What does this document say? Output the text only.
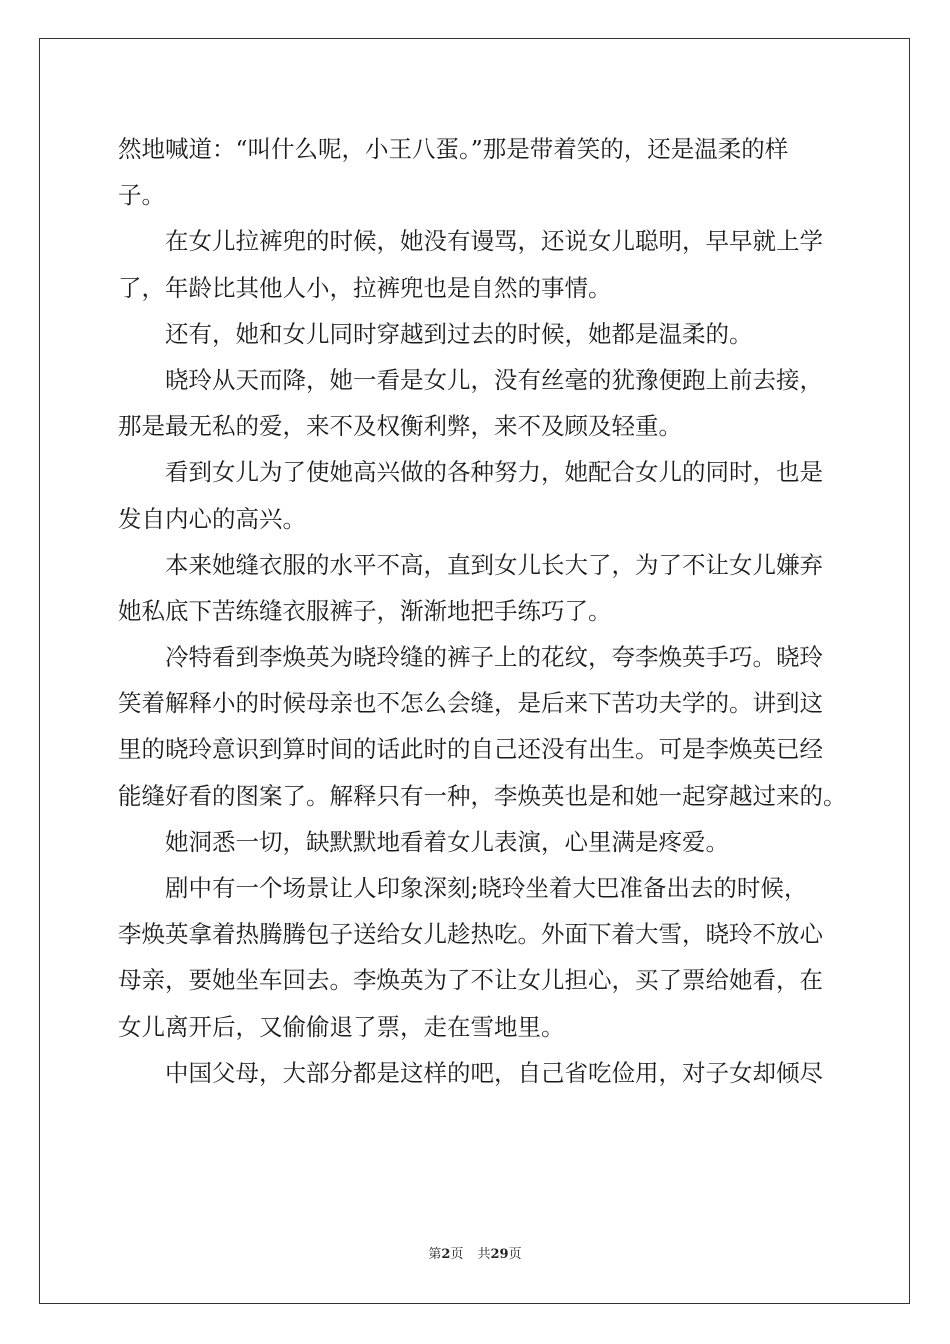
然地喊道：“叫什么呢，小王八蛋。”那是带着笑的，还是温柔的样
子。
在女儿拉裤兜的时候，她没有谩骂，还说女儿聪明，早早就上学
了，年龄比其他人小，拉裤兜也是自然的事情。
还有，她和女儿同时穿越到过去的时候，她都是温柔的。
晓玲从天而降，她一看是女儿，没有丝毫的犹豫便跑上前去接，
那是最无私的爱，来不及权衡利弊，来不及顾及轻重。
看到女儿为了使她高兴做的各种努力，她配合女儿的同时，也是
发自内心的高兴。
本来她缝衣服的水平不高，直到女儿长大了，为了不让女儿嫌弃
她私底下苦练缝衣服裤子，渐渐地把手练巧了。
冷特看到李焕英为晓玲缝的裤子上的花纹，夸李焕英手巧。晓玲
笑着解释小的时候母亲也不怎么会缝，是后来下苦功夫学的。讲到这
里的晓玲意识到算时间的话此时的自己还没有出生。可是李焕英已经
能缝好看的图案了。解释只有一种，李焕英也是和她一起穿越过来的。
她洞悉一切，缺默默地看着女儿表演，心里满是疼爱。
剧中有一个场景让人印象深刻;晓玲坐着大巴准备出去的时候，
李焕英拿着热腾腾包子送给女儿趁热吃。外面下着大雪，晓玲不放心
母亲，要她坐车回去。李焕英为了不让女儿担心，买了票给她看，在
女儿离开后，又偷偷退了票，走在雪地里。
中国父母，大部分都是这样的吧，自己省吃俭用，对子女却倾尽
第2页 共29页
